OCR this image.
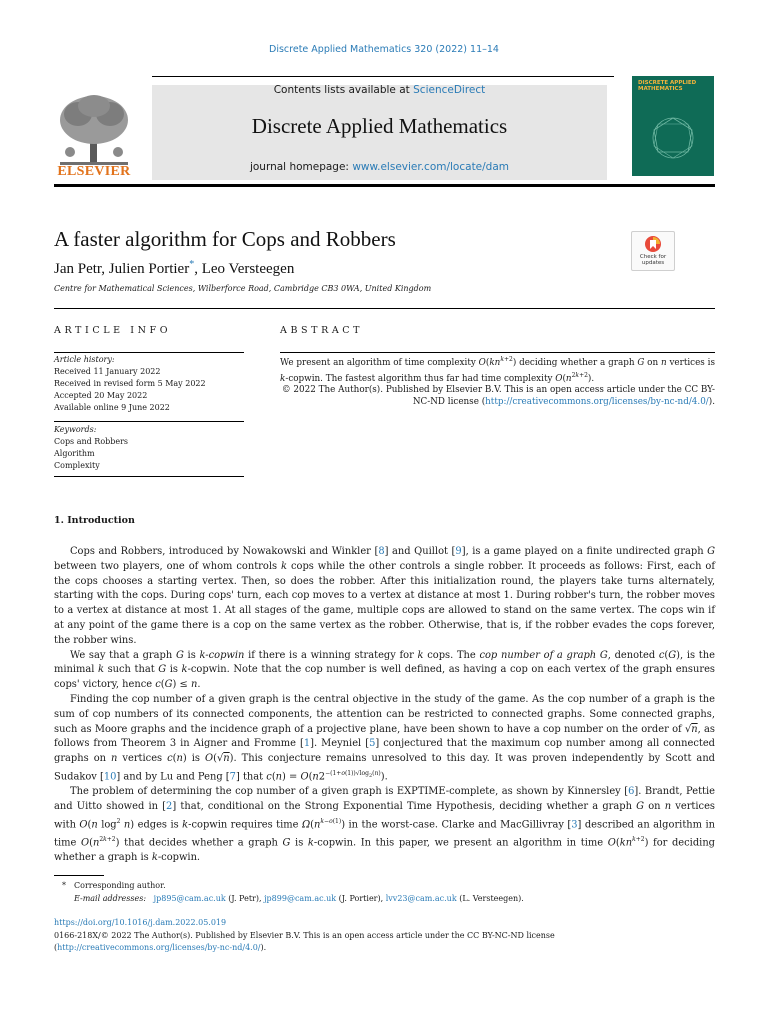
Discrete Applied Mathematics 320 (2022) 11–14
Contents lists available at ScienceDirect
Discrete Applied Mathematics
journal homepage: www.elsevier.com/locate/dam
ELSEVIER
DISCRETE APPLIED MATHEMATICS
A faster algorithm for Cops and Robbers
Jan Petr, Julien Portier*, Leo Versteegen
Centre for Mathematical Sciences, Wilberforce Road, Cambridge CB3 0WA, United Kingdom
Check for updates
ARTICLE INFO	ABSTRACT
Article history:
Received 11 January 2022
Received in revised form 5 May 2022
Accepted 20 May 2022
Available online 9 June 2022
Keywords:
Cops and Robbers
Algorithm
Complexity

We present an algorithm of time complexity $O(kn^{k+2})$ deciding whether a graph G on n vertices is k-copwin. The fastest algorithm thus far had time complexity $O(n^{2k+2})$.

© 2022 The Author(s). Published by Elsevier B.V. This is an open access article under the CC BY-NC-ND license (http://creativecommons.org/licenses/by-nc-nd/4.0/).

1. Introduction

Cops and Robbers, introduced by Nowakowski and Winkler [8] and Quillot [9], is a game played on a finite undirected graph G between two players, one of whom controls k cops while the other controls a single robber. It proceeds as follows: First, each of the cops chooses a starting vertex. Then, so does the robber. After this initialization round, the players take turns alternately, starting with the cops. During cops' turn, each cop moves to a vertex at distance at most 1. During robber's turn, the robber moves to a vertex at distance at most 1. At all stages of the game, multiple cops are allowed to stand on the same vertex. The cops win if at any point of the game there is a cop on the same vertex as the robber. Otherwise, that is, if the robber evades the cops forever, the robber wins.

We say that a graph G is k-copwin if there is a winning strategy for k cops. The cop number of a graph G, denoted c(G), is the minimal k such that G is k-copwin. Note that the cop number is well defined, as having a cop on each vertex of the graph ensures cops' victory, hence c(G) ≤ n.

Finding the cop number of a given graph is the central objective in the study of the game. As the cop number of a graph is the sum of cop numbers of its connected components, the attention can be restricted to connected graphs. Some connected graphs, such as Moore graphs and the incidence graph of a projective plane, have been shown to have a cop number on the order of √n, as follows from Theorem 3 in Aigner and Fromme [1]. Meyniel [5] conjectured that the maximum cop number among all connected graphs on n vertices c(n) is O(√n). This conjecture remains unresolved to this day. It was proven independently by Scott and Sudakov [10] and by Lu and Peng [7] that $c(n) = O(n2^{-(1+o(1))√log_2(n)})$.

The problem of determining the cop number of a given graph is EXPTIME-complete, as shown by Kinnersley [6]. Brandt, Pettie and Uitto showed in [2] that, conditional on the Strong Exponential Time Hypothesis, deciding whether a graph G on n vertices with O(n $\log^2 n$) edges is k-copwin requires time $\Omega(n^{k-o(1)})$ in the worst-case. Clarke and MacGillivray [3] described an algorithm in time $O(n^{2k+2})$ that decides whether a graph G is k-copwin. In this paper, we present an algorithm in time $O(kn^{k+2})$ for deciding whether a graph is k-copwin.

* Corresponding author.
E-mail addresses: jp895@cam.ac.uk (J. Petr), jp899@cam.ac.uk (J. Portier), lvv23@cam.ac.uk (L. Versteegen).
https://doi.org/10.1016/j.dam.2022.05.019
0166-218X/© 2022 The Author(s). Published by Elsevier B.V. This is an open access article under the CC BY-NC-ND license (http://creativecommons.org/licenses/by-nc-nd/4.0/).
